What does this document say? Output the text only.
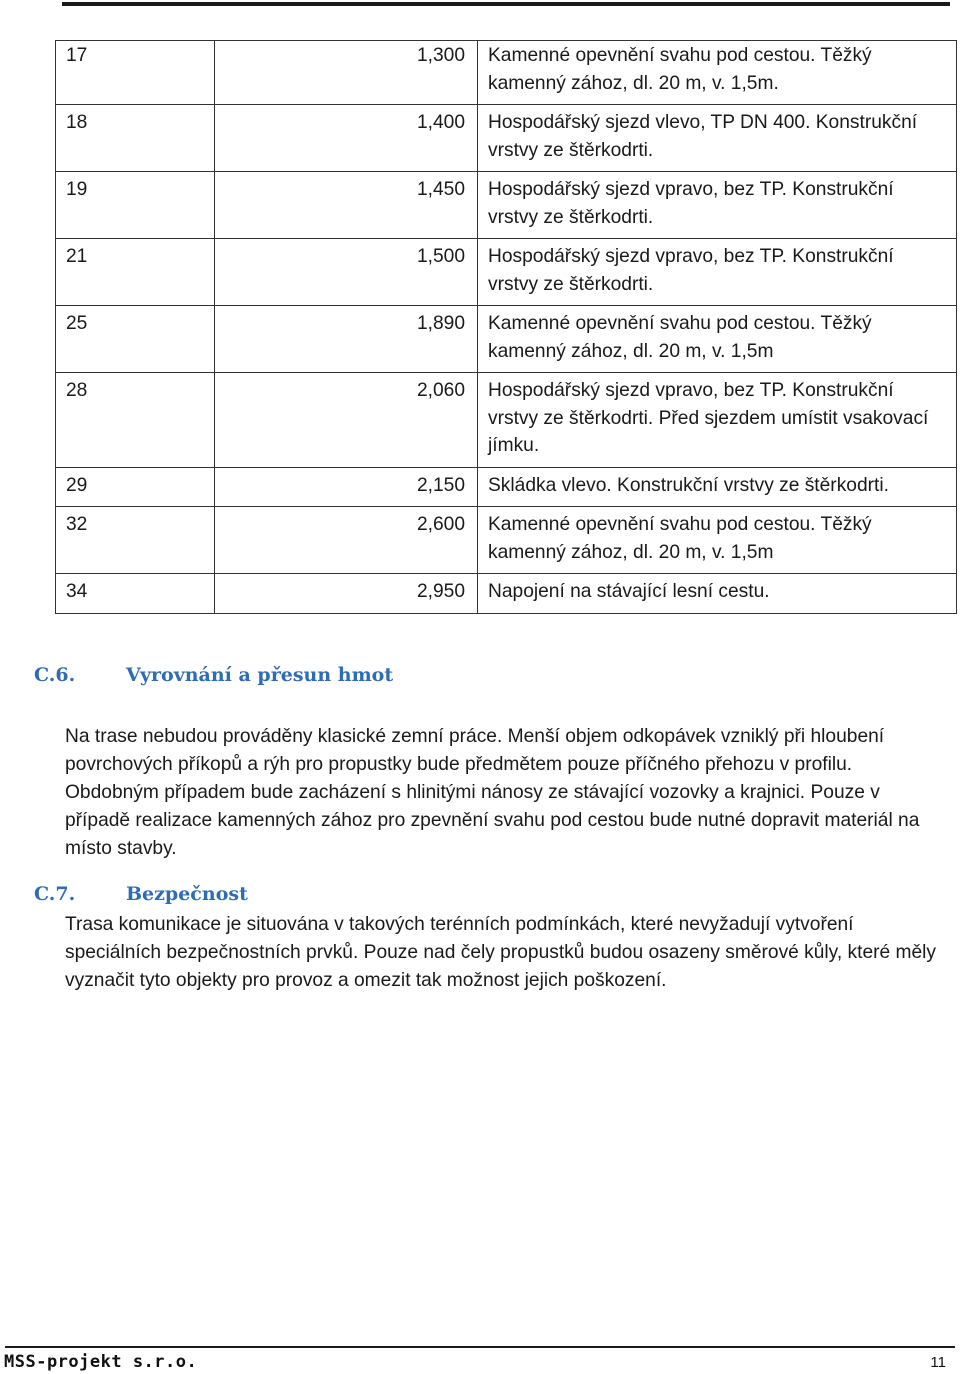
17	1,300	Kamenné opevnění svahu pod cestou. Těžký kamenný zához, dl. 20 m, v. 1,5m.
18	1,400	Hospodářský sjezd vlevo, TP DN 400. Konstrukční vrstvy ze štěrkodrti.
19	1,450	Hospodářský sjezd vpravo, bez TP. Konstrukční vrstvy ze štěrkodrti.
21	1,500	Hospodářský sjezd vpravo, bez TP. Konstrukční vrstvy ze štěrkodrti.
25	1,890	Kamenné opevnění svahu pod cestou. Těžký kamenný zához, dl. 20 m, v. 1,5m
28	2,060	Hospodářský sjezd vpravo, bez TP. Konstrukční vrstvy ze štěrkodrti. Před sjezdem umístit vsakovací jímku.
29	2,150	Skládka vlevo. Konstrukční vrstvy ze štěrkodrti.
32	2,600	Kamenné opevnění svahu pod cestou. Těžký kamenný zához, dl. 20 m, v. 1,5m
34	2,950	Napojení na stávající lesní cestu.
C.6.	Vyrovnání a přesun hmot
Na trase nebudou prováděny klasické zemní práce. Menší objem odkopávek vzniklý při hloubení povrchových příkopů a rýh pro propustky bude předmětem pouze příčného přehozu v profilu. Obdobným případem bude zacházení s hlinitými nánosy ze stávající vozovky a krajnici. Pouze v případě realizace kamenných zához pro zpevnění svahu pod cestou bude nutné dopravit materiál na místo stavby.
C.7.	Bezpečnost
Trasa komunikace je situována v takových terénních podmínkách, které nevyžadují vytvoření speciálních bezpečnostních prvků. Pouze nad čely propustků budou osazeny směrové kůly, které měly vyznačit tyto objekty pro provoz a omezit tak možnost jejich poškození.
MSS-projekt s.r.o.	11
